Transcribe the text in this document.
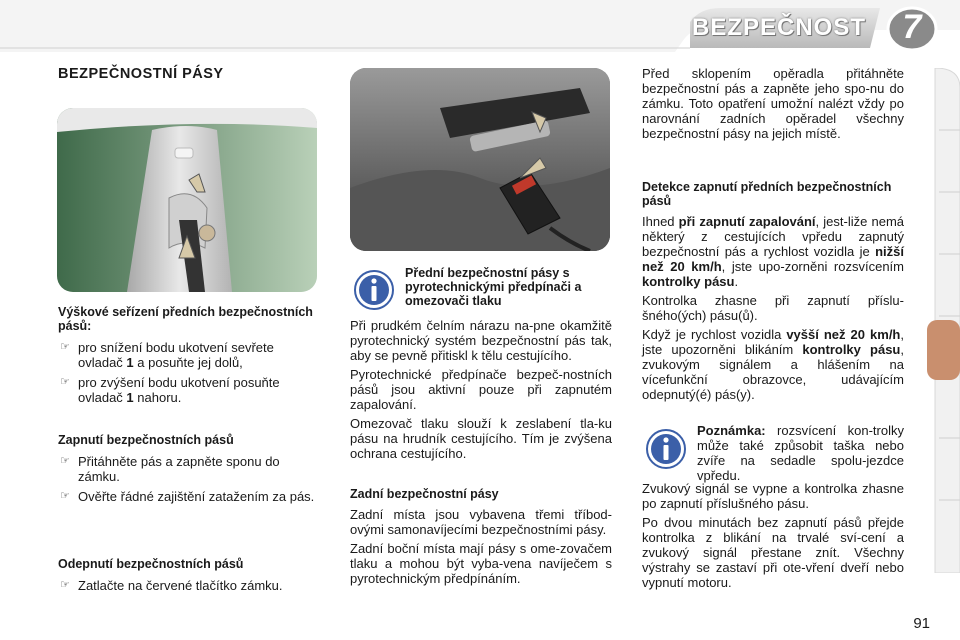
BEZPEČNOST	7
BEZPEČNOSTNÍ PÁSY

Výškové seřízení předních bezpečnostních pásů:

☞ pro snížení bodu ukotvení sevřete ovladač 1 a posuňte jej dolů,

☞ pro zvýšení bodu ukotvení posuňte ovladač 1 nahoru.

Zapnutí bezpečnostních pásů

☞ Přitáhněte pás a zapněte sponu do zámku.

☞ Ověřte řádné zajištění zatažením za pás.

Odepnutí bezpečnostních pásů

☞ Zatlačte na červené tlačítko zámku.

Přední bezpečnostní pásy s pyrotechnickými předpínači a omezovači tlaku

Při prudkém čelním nárazu na-pne okamžitě pyrotechnický systém bezpečnostní pás tak, aby se pevně přitiskl k tělu cestujícího.

Pyrotechnické předpínače bezpeč-nostních pásů jsou aktivní pouze při zapnutém zapalování.

Omezovač tlaku slouží k zeslabení tla-ku pásu na hrudník cestujícího. Tím je zvýšena ochrana cestujícího.

Zadní bezpečnostní pásy

Zadní místa jsou vybavena třemi tříbod-ovými samonavíjecími bezpečnostními pásy.

Zadní boční místa mají pásy s ome-zovačem tlaku a mohou být vyba-vena navíječem s pyrotechnickým předpínáním.

Před sklopením opěradla přitáhněte bezpečnostní pás a zapněte jeho spo-nu do zámku. Toto opatření umožní nalézt vždy po narovnání zadních opěradel všechny bezpečnostní pásy na jejich místě.

Detekce zapnutí předních bezpečnostních pásů

Ihned při zapnutí zapalování, jest-liže nemá některý z cestujících vpředu zapnutý bezpečnostní pás a rychlost vozidla je nižší než 20 km/h, jste upo-zorněni rozsvícením kontrolky pásu.

Kontrolka zhasne při zapnutí příslu-šného(ých) pásu(ů).

Když je rychlost vozidla vyšší než 20 km/h, jste upozorněni blikáním kontrolky pásu, zvukovým signálem a hlášením na vícefunkční obrazovce, udávajícím odepnutý(é) pás(y).

Poznámka: rozsvícení kon-trolky může také způsobit taška nebo zvíře na sedadle spolu-jezdce vpředu.

Zvukový signál se vypne a kontrolka zhasne po zapnutí příslušného pásu.

Po dvou minutách bez zapnutí pásů přejde kontrolka z blikání na trvalé sví-cení a zvukový signál přestane znít. Všechny výstrahy se zastaví při ote-vření dveří nebo vypnutí motoru.

91
